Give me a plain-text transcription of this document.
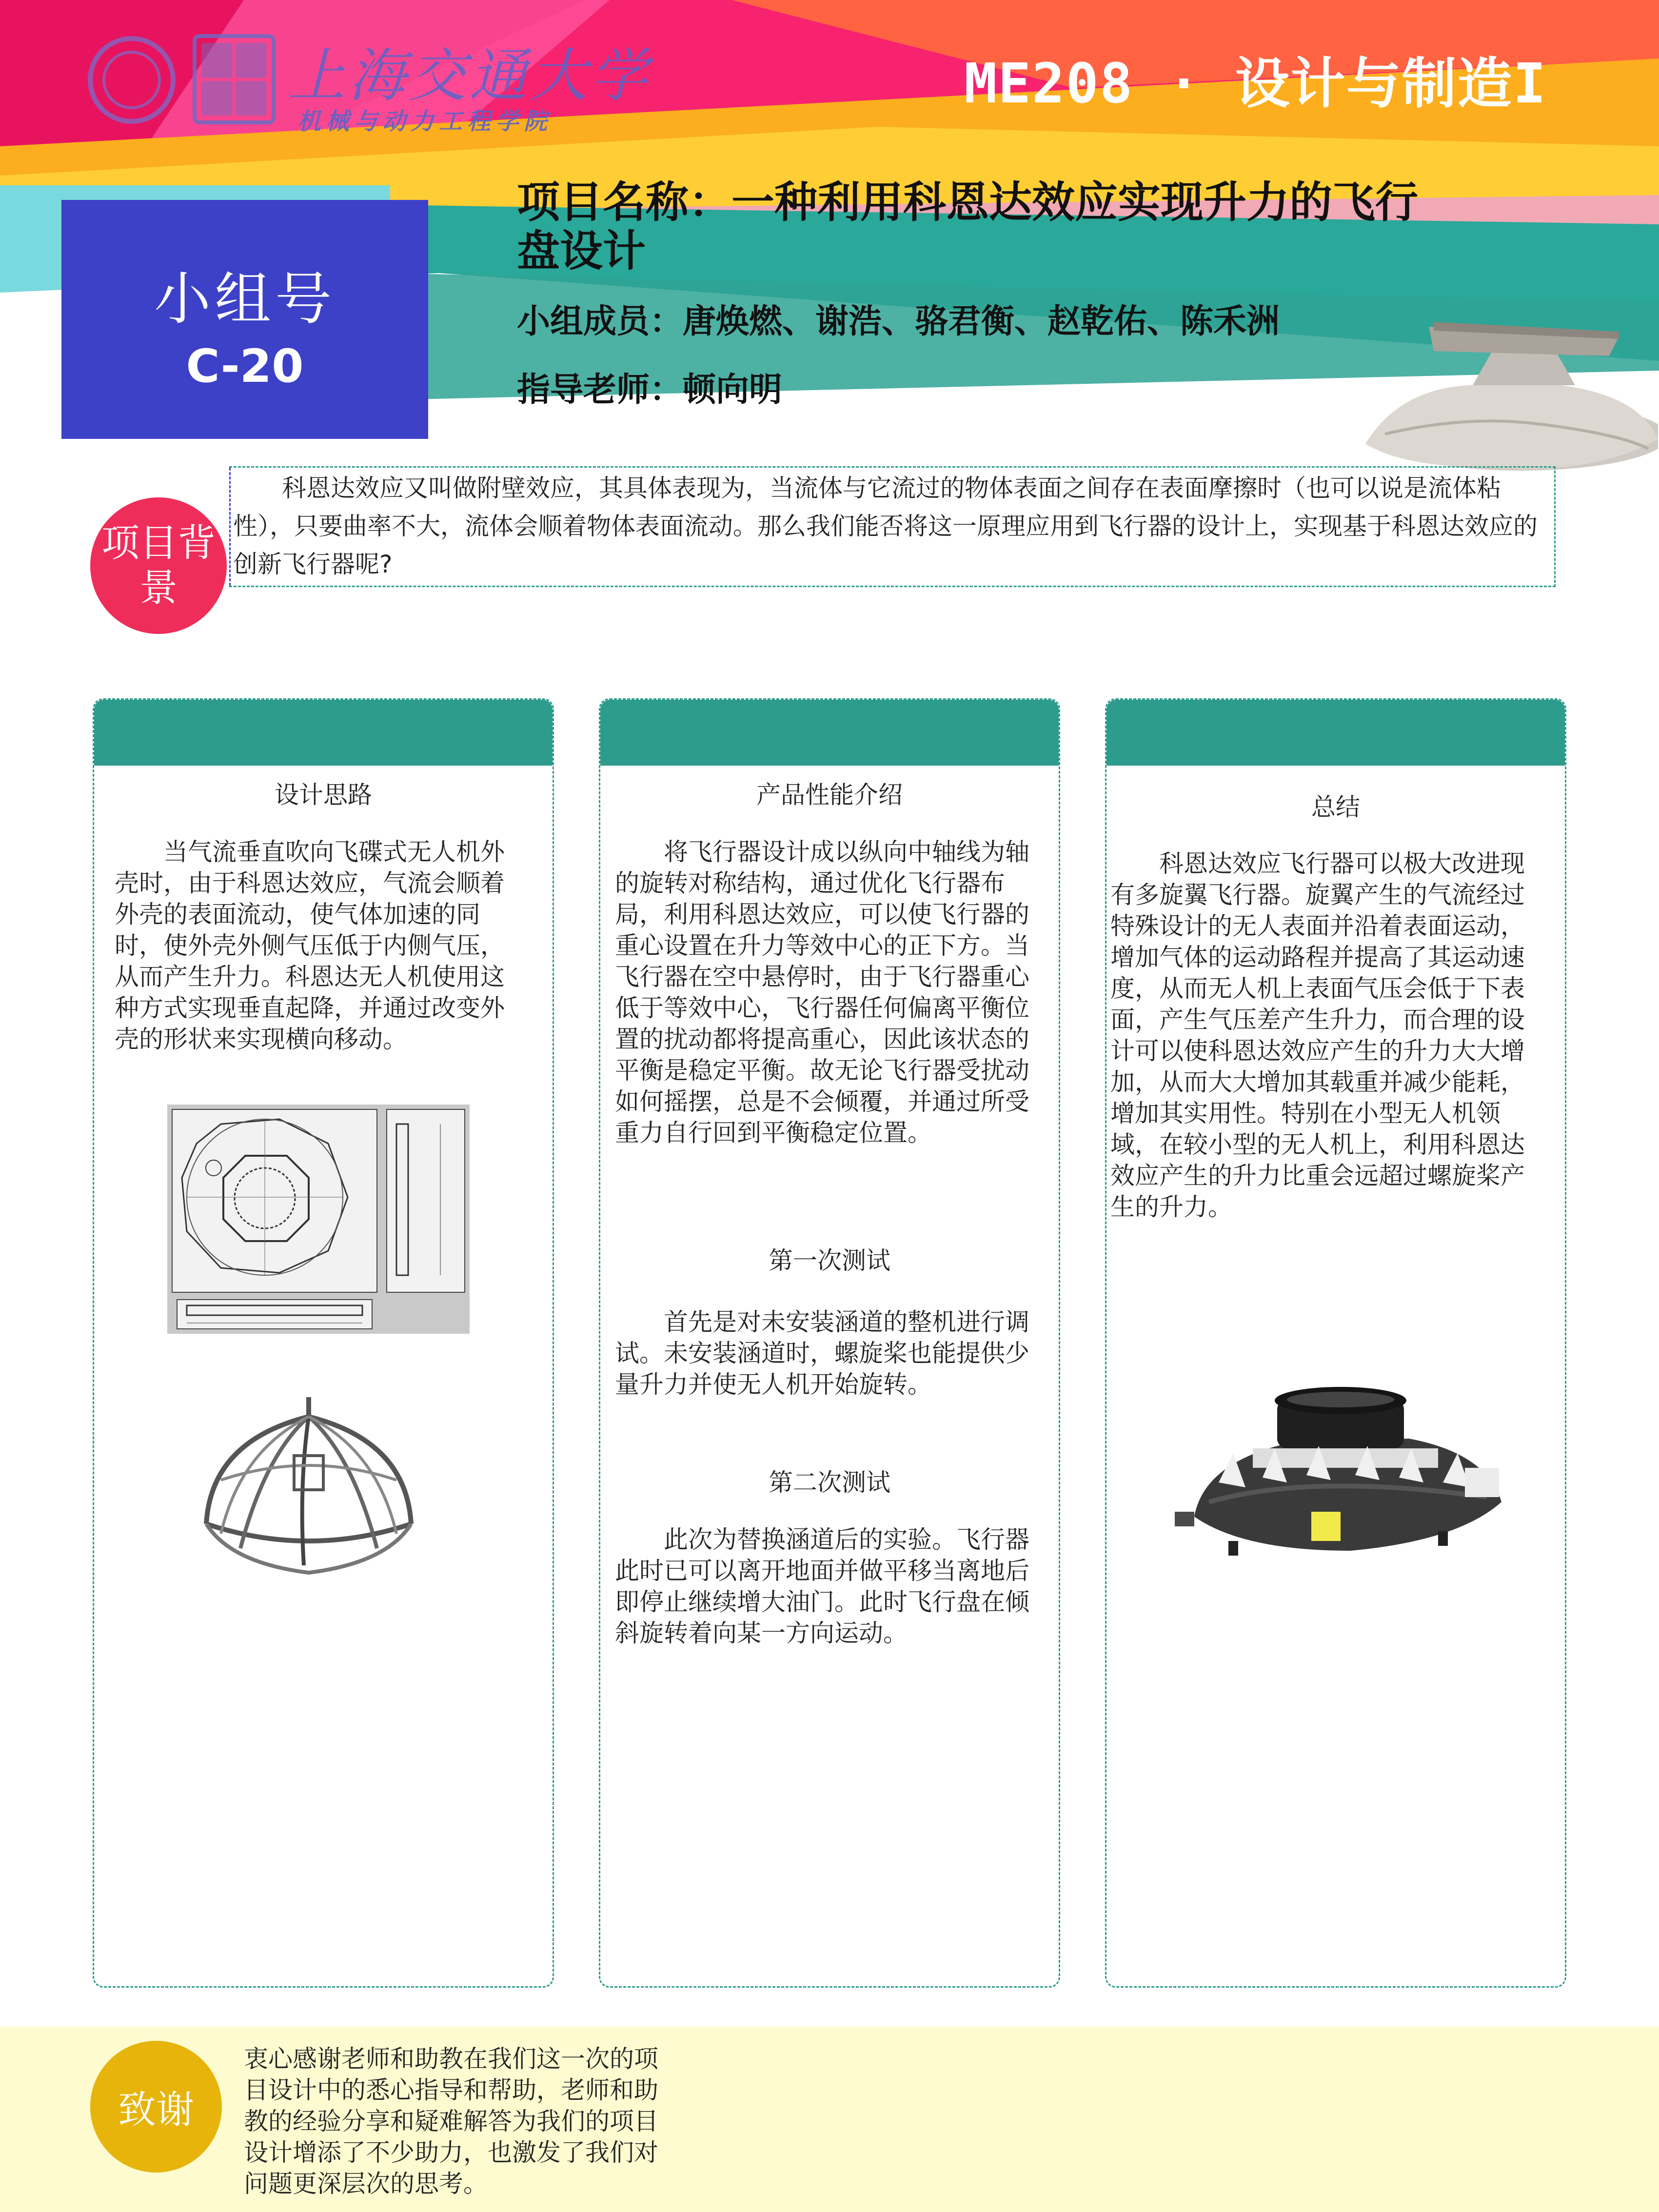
上海交通大学
机械与动力工程学院
ME208 · 设计与制造I
小组号
C-20
项目名称：一种利用科恩达效应实现升力的飞行盘设计
小组成员：唐焕燃、谢浩、骆君衡、赵乾佑、陈禾洲
指导老师：顿向明
项目背景
科恩达效应又叫做附壁效应，其具体表现为，当流体与它流过的物体表面之间存在表面摩擦时（也可以说是流体粘性），只要曲率不大，流体会顺着物体表面流动。那么我们能否将这一原理应用到飞行器的设计上，实现基于科恩达效应的创新飞行器呢?
设计思路
当气流垂直吹向飞碟式无人机外壳时，由于科恩达效应，气流会顺着外壳的表面流动，使气体加速的同时，使外壳外侧气压低于内侧气压，从而产生升力。科恩达无人机使用这种方式实现垂直起降，并通过改变外壳的形状来实现横向移动。
产品性能介绍
将飞行器设计成以纵向中轴线为轴的旋转对称结构，通过优化飞行器布局，利用科恩达效应，可以使飞行器的重心设置在升力等效中心的正下方。当飞行器在空中悬停时，由于飞行器重心低于等效中心，飞行器任何偏离平衡位置的扰动都将提高重心，因此该状态的平衡是稳定平衡。故无论飞行器受扰动如何摇摆，总是不会倾覆，并通过所受重力自行回到平衡稳定位置。
第一次测试
首先是对未安装涵道的整机进行调试。未安装涵道时，螺旋桨也能提供少量升力并使无人机开始旋转。
第二次测试
此次为替换涵道后的实验。飞行器此时已可以离开地面并做平移当离地后即停止继续增大油门。此时飞行盘在倾斜旋转着向某一方向运动。
总结
科恩达效应飞行器可以极大改进现有多旋翼飞行器。旋翼产生的气流经过特殊设计的无人表面并沿着表面运动，增加气体的运动路程并提高了其运动速度，从而无人机上表面气压会低于下表面，产生气压差产生升力，而合理的设计可以使科恩达效应产生的升力大大增加，从而大大增加其载重并减少能耗，增加其实用性。特别在小型无人机领域，在较小型的无人机上，利用科恩达效应产生的升力比重会远超过螺旋桨产生的升力。
致谢
衷心感谢老师和助教在我们这一次的项目设计中的悉心指导和帮助，老师和助教的经验分享和疑难解答为我们的项目设计增添了不少助力，也激发了我们对问题更深层次的思考。
